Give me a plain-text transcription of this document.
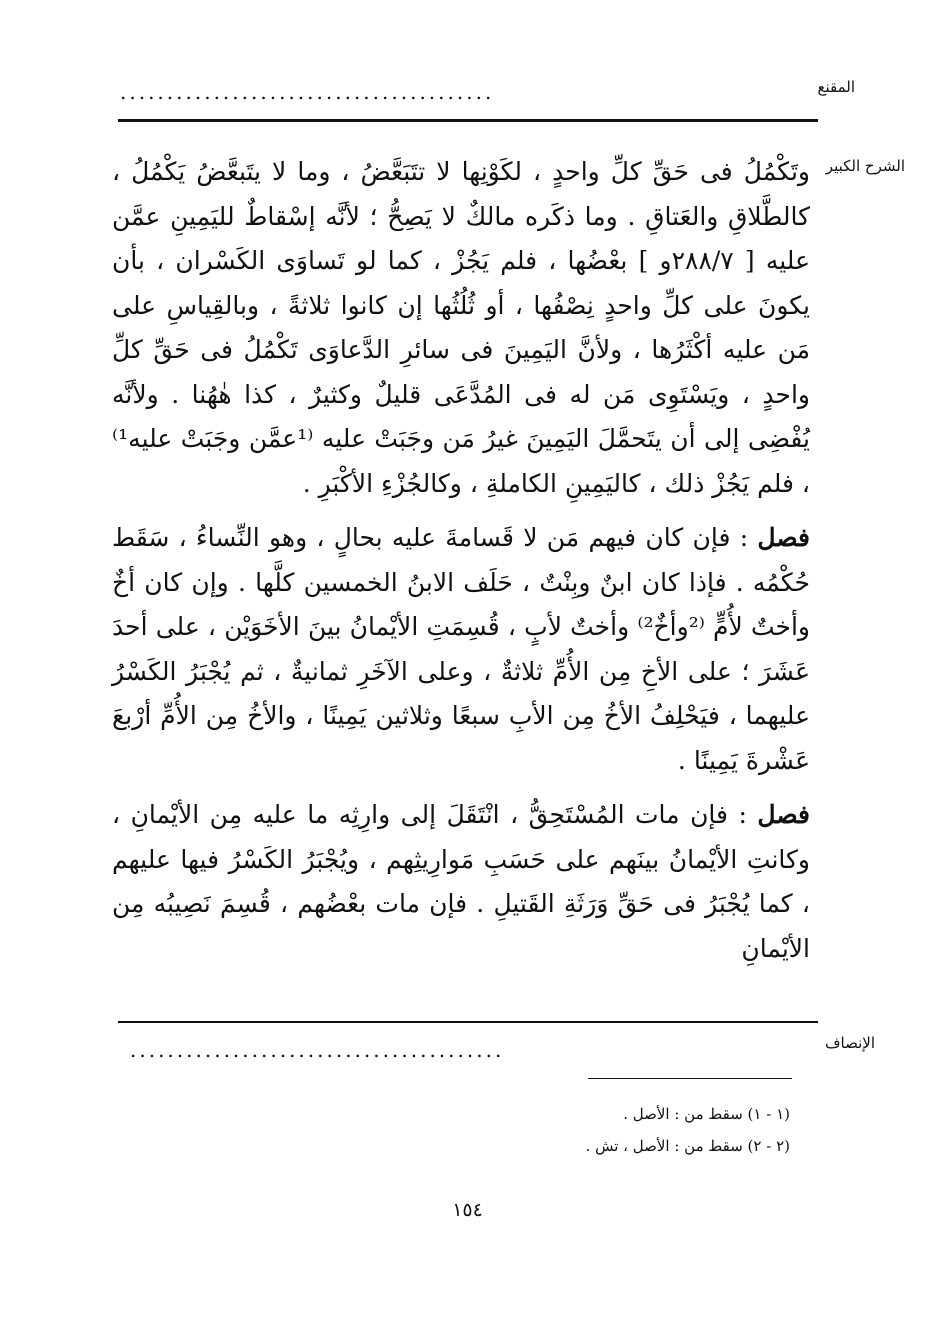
المقنع
........................................
الشرح الكبير

وتَكْمُلُ فى حَقِّ كلِّ واحدٍ ، لكَوْنِها لا تتَبَعَّضُ ، وما لا يتَبعَّضُ يَكْمُلُ ، كالطَّلاقِ والعَتاقِ . وما ذكَره مالكٌ لا يَصِحُّ ؛ لأنَّه إسْقاطٌ لليَمِينِ عمَّن عليه [ ٢٨٨/٧و ] بعْضُها ، فلم يَجُزْ ، كما لو تَساوَى الكَسْران ، بأن يكونَ على كلِّ واحدٍ نِصْفُها ، أو ثُلُثُها إن كانوا ثلاثةً ، وبالقِياسِ على مَن عليه أكْثَرُها ، ولأنَّ اليَمِينَ فى سائرِ الدَّعاوَى تَكْمُلُ فى حَقِّ كلِّ واحدٍ ، ويَسْتَوِى مَن له فى المُدَّعَى قليلٌ وكثيرٌ ، كذا هٰهُنا . ولأنَّه يُفْضِى إلى أن يتَحمَّلَ اليَمِينَ غيرُ مَن وجَبَتْ عليه ⁽¹عمَّن وجَبَتْ عليه¹⁾ ، فلم يَجُزْ ذلك ، كاليَمِينِ الكاملةِ ، وكالجُزْءِ الأكْبَرِ .

فصل : فإن كان فيهم مَن لا قَسامةَ عليه بحالٍ ، وهو النِّساءُ ، سَقَط حُكْمُه . فإذا كان ابنٌ وبِنْتٌ ، حَلَف الابنُ الخمسين كلَّها . وإن كان أخٌ وأختٌ لأُمٍّ ⁽²وأخٌ²⁾ وأختٌ لأبٍ ، قُسِمَتِ الأيْمانُ بينَ الأخَوَيْن ، على أحدَ عَشَرَ ؛ على الأخِ مِن الأُمِّ ثلاثةٌ ، وعلى الآخَرِ ثمانيةٌ ، ثم يُجْبَرُ الكَسْرُ عليهما ، فيَحْلِفُ الأخُ مِن الأبِ سبعًا وثلاثين يَمِينًا ، والأخُ مِن الأُمِّ أرْبعَ عَشْرةَ يَمِينًا .

فصل : فإن مات المُسْتَحِقُّ ، انْتَقَلَ إلى وارِثِه ما عليه مِن الأيْمانِ ، وكانتِ الأيْمانُ بينَهم على حَسَبِ مَوارِيثِهم ، ويُجْبَرُ الكَسْرُ فيها عليهم ، كما يُجْبَرُ فى حَقِّ وَرَثَةِ القَتيلِ . فإن مات بعْضُهم ، قُسِمَ نَصِيبُه مِن الأيْمانِ

الإنصاف
........................................
(١ - ١) سقط من : الأصل .
(٢ - ٢) سقط من : الأصل ، تش .
١٥٤
